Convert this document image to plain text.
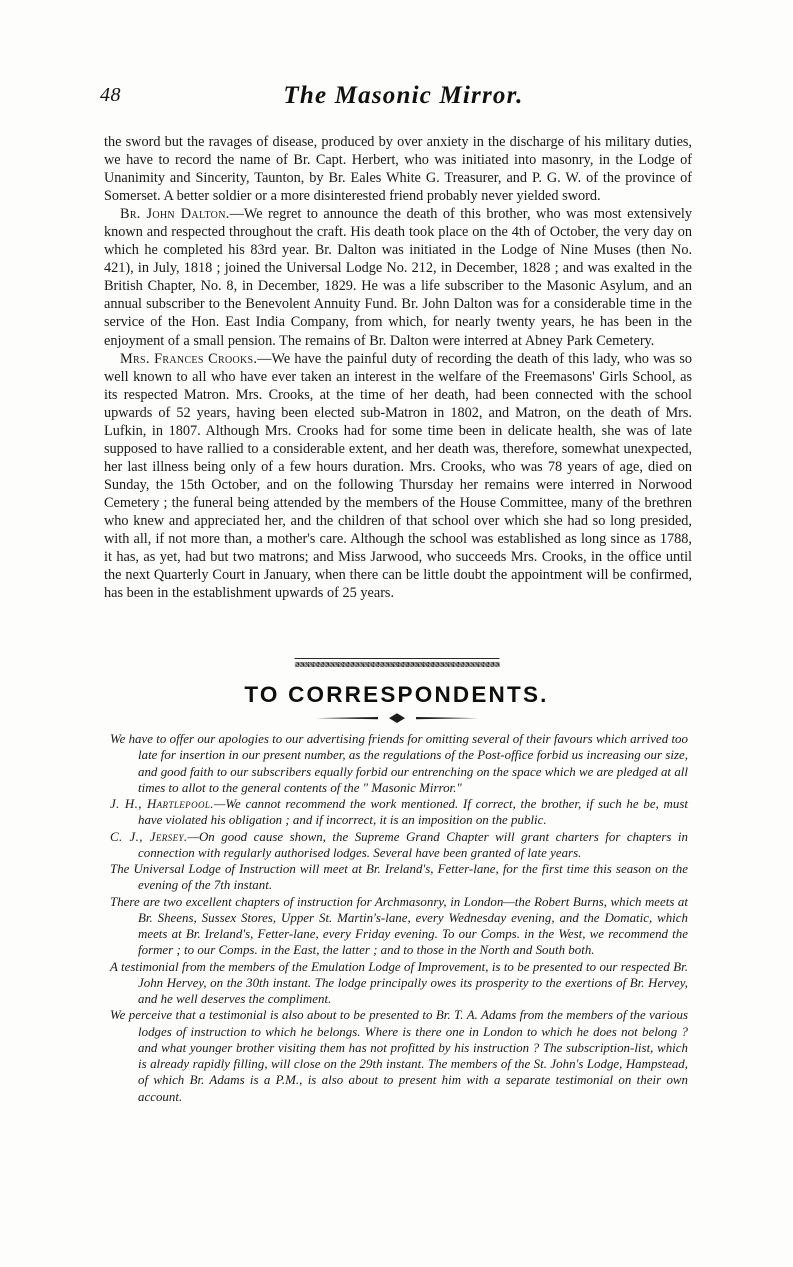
48	The Masonic Mirror.

the sword but the ravages of disease, produced by over anxiety in the discharge of his military duties, we have to record the name of Br. Capt. Herbert, who was initiated into masonry, in the Lodge of Unanimity and Sincerity, Taunton, by Br. Eales White G. Treasurer, and P. G. W. of the province of Somerset. A better soldier or a more disinterested friend probably never yielded sword.

Br. John Dalton.—We regret to announce the death of this brother, who was most extensively known and respected throughout the craft. His death took place on the 4th of October, the very day on which he completed his 83rd year. Br. Dalton was initiated in the Lodge of Nine Muses (then No. 421), in July, 1818 ; joined the Universal Lodge No. 212, in December, 1828 ; and was exalted in the British Chapter, No. 8, in December, 1829. He was a life subscriber to the Masonic Asylum, and an annual subscriber to the Benevolent Annuity Fund. Br. John Dalton was for a considerable time in the service of the Hon. East India Company, from which, for nearly twenty years, he has been in the enjoyment of a small pension. The remains of Br. Dalton were interred at Abney Park Cemetery.

Mrs. Frances Crooks.—We have the painful duty of recording the death of this lady, who was so well known to all who have ever taken an interest in the welfare of the Freemasons' Girls School, as its respected Matron. Mrs. Crooks, at the time of her death, had been connected with the school upwards of 52 years, having been elected sub-Matron in 1802, and Matron, on the death of Mrs. Lufkin, in 1807. Although Mrs. Crooks had for some time been in delicate health, she was of late supposed to have rallied to a considerable extent, and her death was, therefore, somewhat unexpected, her last illness being only of a few hours duration. Mrs. Crooks, who was 78 years of age, died on Sunday, the 15th October, and on the following Thursday her remains were interred in Norwood Cemetery ; the funeral being attended by the members of the House Committee, many of the brethren who knew and appreciated her, and the children of that school over which she had so long presided, with all, if not more than, a mother's care. Although the school was established as long since as 1788, it has, as yet, had but two matrons; and Miss Jarwood, who succeeds Mrs. Crooks, in the office until the next Quarterly Court in January, when there can be little doubt the appointment will be confirmed, has been in the establishment upwards of 25 years.

TO CORRESPONDENTS.

We have to offer our apologies to our advertising friends for omitting several of their favours which arrived too late for insertion in our present number, as the regulations of the Post-office forbid us increasing our size, and good faith to our subscribers equally forbid our entrenching on the space which we are pledged at all times to allot to the general contents of the " Masonic Mirror."

J. H., Hartlepool.—We cannot recommend the work mentioned. If correct, the brother, if such he be, must have violated his obligation ; and if incorrect, it is an imposition on the public.

C. J., Jersey.—On good cause shown, the Supreme Grand Chapter will grant charters for chapters in connection with regularly authorised lodges. Several have been granted of late years.

The Universal Lodge of Instruction will meet at Br. Ireland's, Fetter-lane, for the first time this season on the evening of the 7th instant.

There are two excellent chapters of instruction for Archmasonry, in London—the Robert Burns, which meets at Br. Sheens, Sussex Stores, Upper St. Martin's-lane, every Wednesday evening, and the Domatic, which meets at Br. Ireland's, Fetter-lane, every Friday evening. To our Comps. in the West, we recommend the former ; to our Comps. in the East, the latter ; and to those in the North and South both.

A testimonial from the members of the Emulation Lodge of Improvement, is to be presented to our respected Br. John Hervey, on the 30th instant. The lodge principally owes its prosperity to the exertions of Br. Hervey, and he well deserves the compliment.

We perceive that a testimonial is also about to be presented to Br. T. A. Adams from the members of the various lodges of instruction to which he belongs. Where is there one in London to which he does not belong ? and what younger brother visiting them has not profitted by his instruction ? The subscription-list, which is already rapidly filling, will close on the 29th instant. The members of the St. John's Lodge, Hampstead, of which Br. Adams is a P.M., is also about to present him with a separate testimonial on their own account.
